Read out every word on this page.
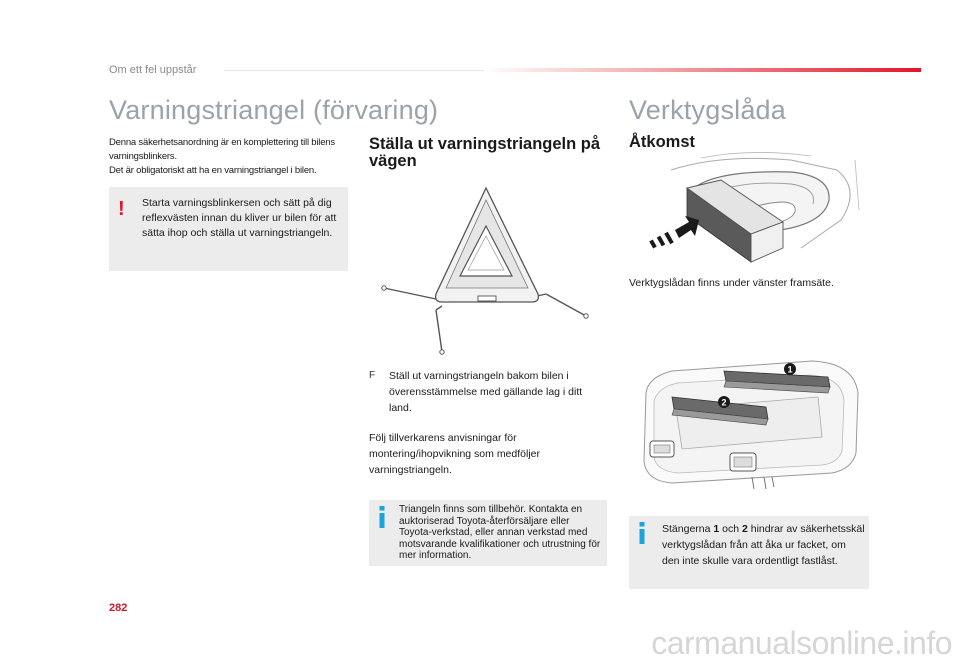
Om ett fel uppstår
Varningstriangel (förvaring)

Denna säkerhetsanordning är en komplettering till bilens varningsblinkers.

Det är obligatoriskt att ha en varningstriangel i bilen.

! Starta varningsblinkersen och sätt på dig reflexvästen innan du kliver ur bilen för att sätta ihop och ställa ut varningstriangeln.
Ställa ut varningstriangeln på vägen
F Ställ ut varningstriangeln bakom bilen i överensstämmelse med gällande lag i ditt land.
Följ tillverkarens anvisningar för montering/ihopvikning som medföljer varningstriangeln.
Triangeln finns som tillbehör. Kontakta en auktoriserad Toyota-återförsäljare eller Toyota-verkstad, eller annan verkstad med motsvarande kvalifikationer och utrustning för mer information.
Verktygslåda
Åtkomst
Verktygslådan finns under vänster framsäte.
1
2
Stängerna 1 och 2 hindrar av säkerhetsskäl verktygslådan från att åka ur facket, om den inte skulle vara ordentligt fastlåst.
282
carmanualsonline.info
